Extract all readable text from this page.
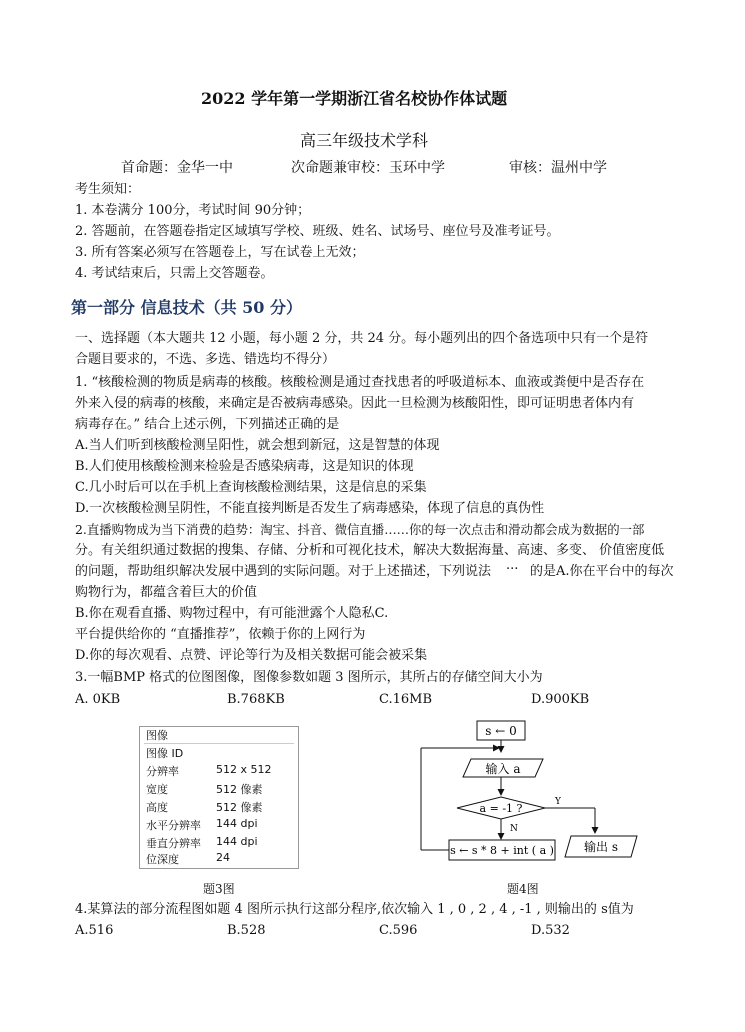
2022 学年第一学期浙江省名校协作体试题
高三年级技术学科
首命题：金华一中	次命题兼审校：玉环中学	审核：温州中学
考生须知：
1. 本卷满分 100分，考试时间 90分钟；
2. 答题前，在答题卷指定区域填写学校、班级、姓名、试场号、座位号及准考证号。
3. 所有答案必须写在答题卷上，写在试卷上无效；
4. 考试结束后，只需上交答题卷。
第一部分 信息技术（共 50 分）
一、选择题（本大题共 12 小题，每小题 2 分，共 24 分。每小题列出的四个备选项中只有一个是符
合题目要求的，不选、多选、错选均不得分）
1. “核酸检测的物质是病毒的核酸。核酸检测是通过查找患者的呼吸道标本、血液或粪便中是否存在
外来入侵的病毒的核酸，来确定是否被病毒感染。因此一旦检测为核酸阳性，即可证明患者体内有
病毒存在。” 结合上述示例，下列描述正确的是
A.当人们听到核酸检测呈阳性，就会想到新冠，这是智慧的体现
B.人们使用核酸检测来检验是否感染病毒，这是知识的体现
C.几小时后可以在手机上查询核酸检测结果，这是信息的采集
D.一次核酸检测呈阴性，不能直接判断是否发生了病毒感染，体现了信息的真伪性
2.直播购物成为当下消费的趋势：淘宝、抖音、微信直播……你的每一次点击和滑动都会成为数据的一部
分。有关组织通过数据的搜集、存储、分析和可视化技术，解决大数据海量、高速、多变、 价值密度低
的问题，帮助组织解决发展中遇到的实际问题。对于上述描述，下列说法 ... 的是A.你在平台中的每次
购物行为，都蕴含着巨大的价值
B.你在观看直播、购物过程中，有可能泄露个人隐私C.
平台提供给你的 “直播推荐”，依赖于你的上网行为
D.你的每次观看、点赞、评论等行为及相关数据可能会被采集
3.一幅BMP 格式的位图图像，图像参数如题 3 图所示，其所占的存储空间大小为
A. 0KB	B.768KB	C.16MB	D.900KB
图像
图像 ID
分辨率	512 x 512
宽度	512 像素
高度	512 像素
水平分辨率 144 dpi
垂直分辨率 144 dpi
位深度	24
题3图
s ← 0
输入 a
a = -1 ?	Y
输出 s
N
s ← s * 8 + int ( a )
题4图
4.某算法的部分流程图如题 4 图所示执行这部分程序,依次输入 1 , 0 , 2 , 4 , -1 , 则输出的 s值为
A.516	B.528	C.596	D.532
